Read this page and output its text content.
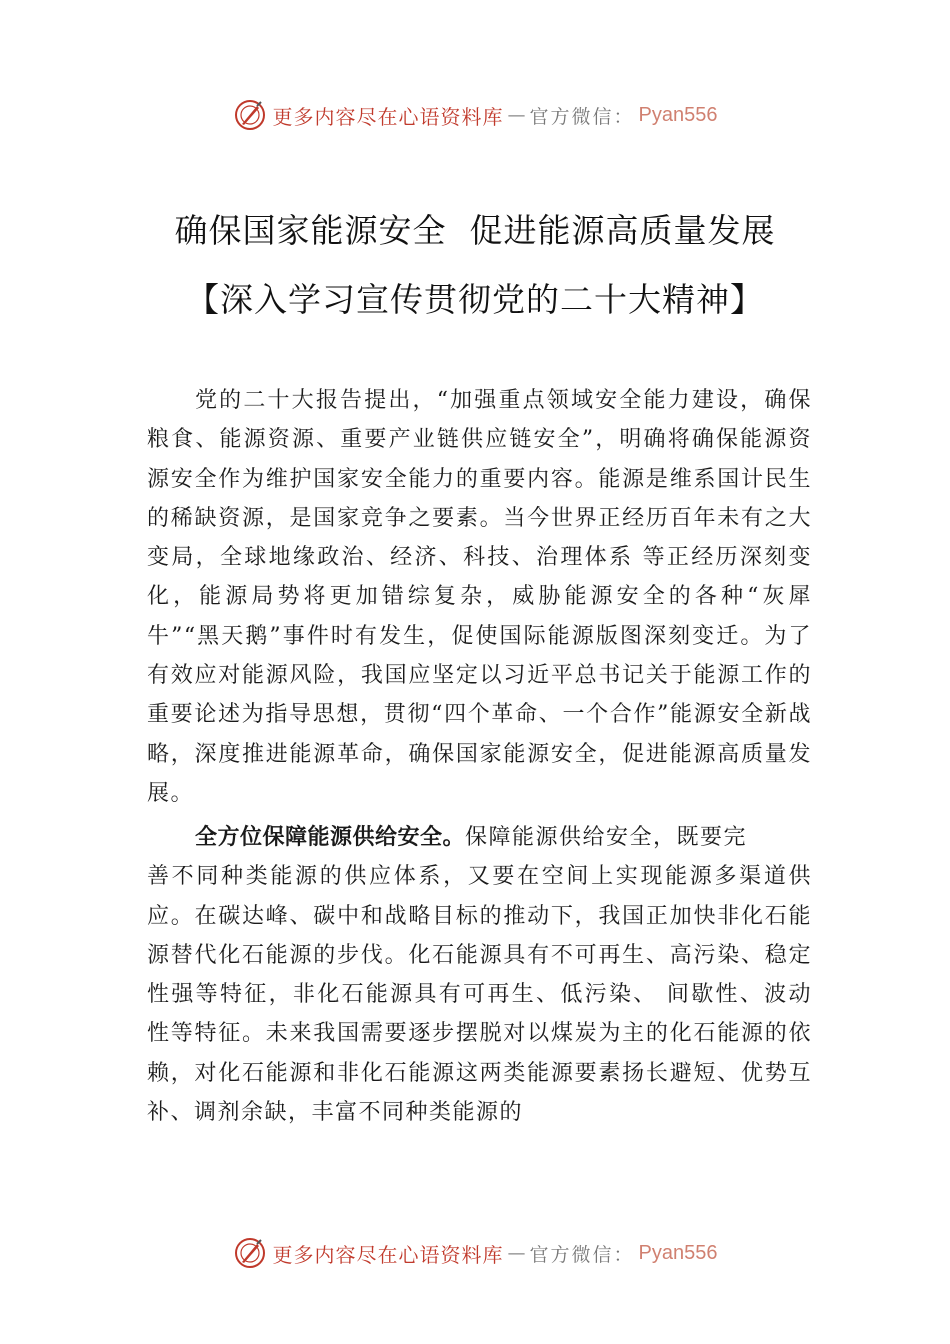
更多内容尽在心语资料库 — 官方微信： Pyan556
确保国家能源安全  促进能源高质量发展
【深入学习宣传贯彻党的二十大精神】
党的二十大报告提出，“加强重点领域安全能力建设，确保粮食、能源资源、重要产业链供应链安全”，明确将确保能源资源安全作为维护国家安全能力的重要内容。能源是维系国计民生的稀缺资源，是国家竞争之要素。当今世界正经历百年未有之大变局，全球地缘政治、经济、科技、治理体系 等正经历深刻变化，能源局势将更加错综复杂，威胁能源安全的各种“灰犀牛”“黑天鹅”事件时有发生，促使国际能源版图深刻变迁。为了有效应对能源风险，我国应坚定以习近平总书记关于能源工作的重要论述为指导思想，贯彻“四个革命、一个合作”能源安全新战略，深度推进能源革命，确保国家能源安全，促进能源高质量发展。
全方位保障能源供给安全。保障能源供给安全，既要完
善不同种类能源的供应体系，又要在空间上实现能源多渠道供应。在碳达峰、碳中和战略目标的推动下，我国正加快非化石能源替代化石能源的步伐。化石能源具有不可再生、高污染、稳定性强等特征，非化石能源具有可再生、低污染、 间歇性、波动性等特征。未来我国需要逐步摆脱对以煤炭为主的化石能源的依赖，对化石能源和非化石能源这两类能源要素扬长避短、优势互补、调剂余缺，丰富不同种类能源的
更多内容尽在心语资料库 — 官方微信： Pyan556
